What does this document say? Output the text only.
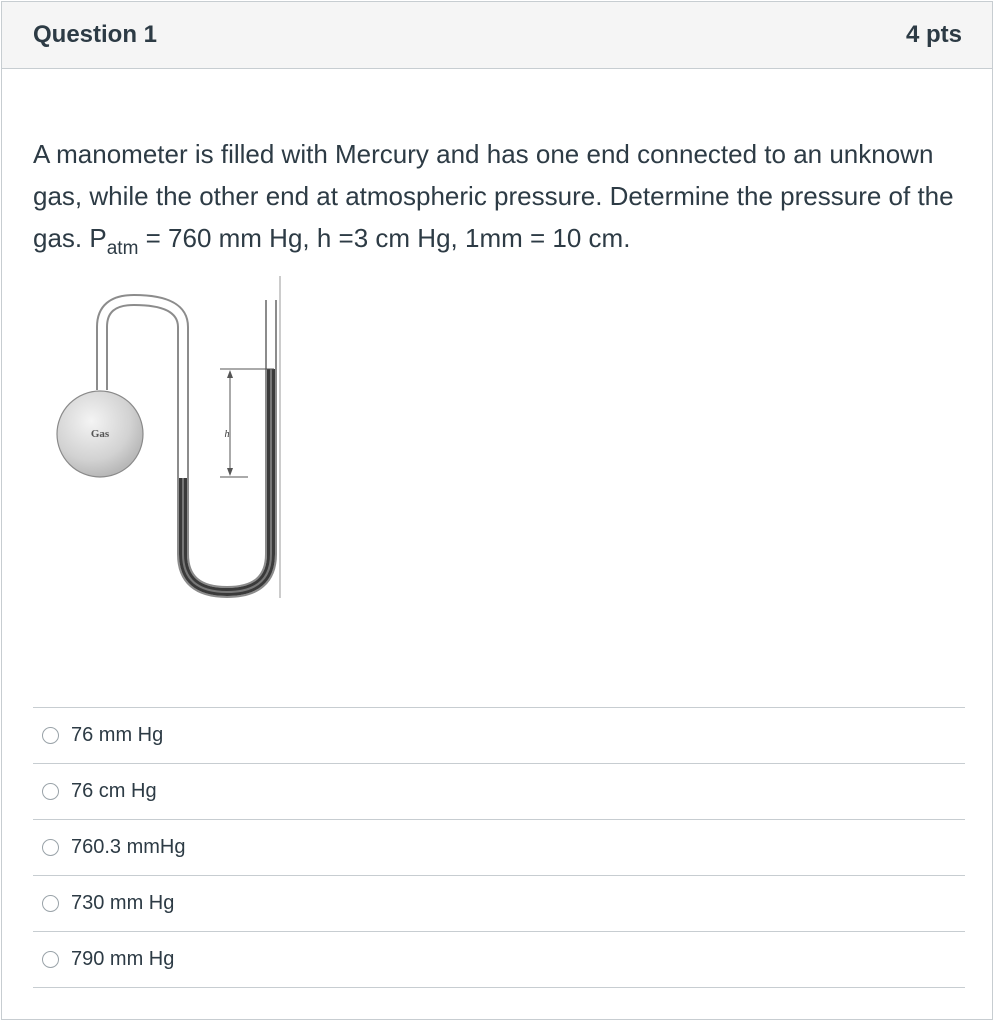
Question 1	4 pts
A manometer is filled with Mercury and has one end connected to an unknown gas, while the other end at atmospheric pressure. Determine the pressure of the gas. $P_{atm} = 760$ mm Hg, h =3 cm Hg, 1mm = 10 cm.
Gas	h
76 mm Hg
76 cm Hg
760.3 mmHg
730 mm Hg
790 mm Hg
